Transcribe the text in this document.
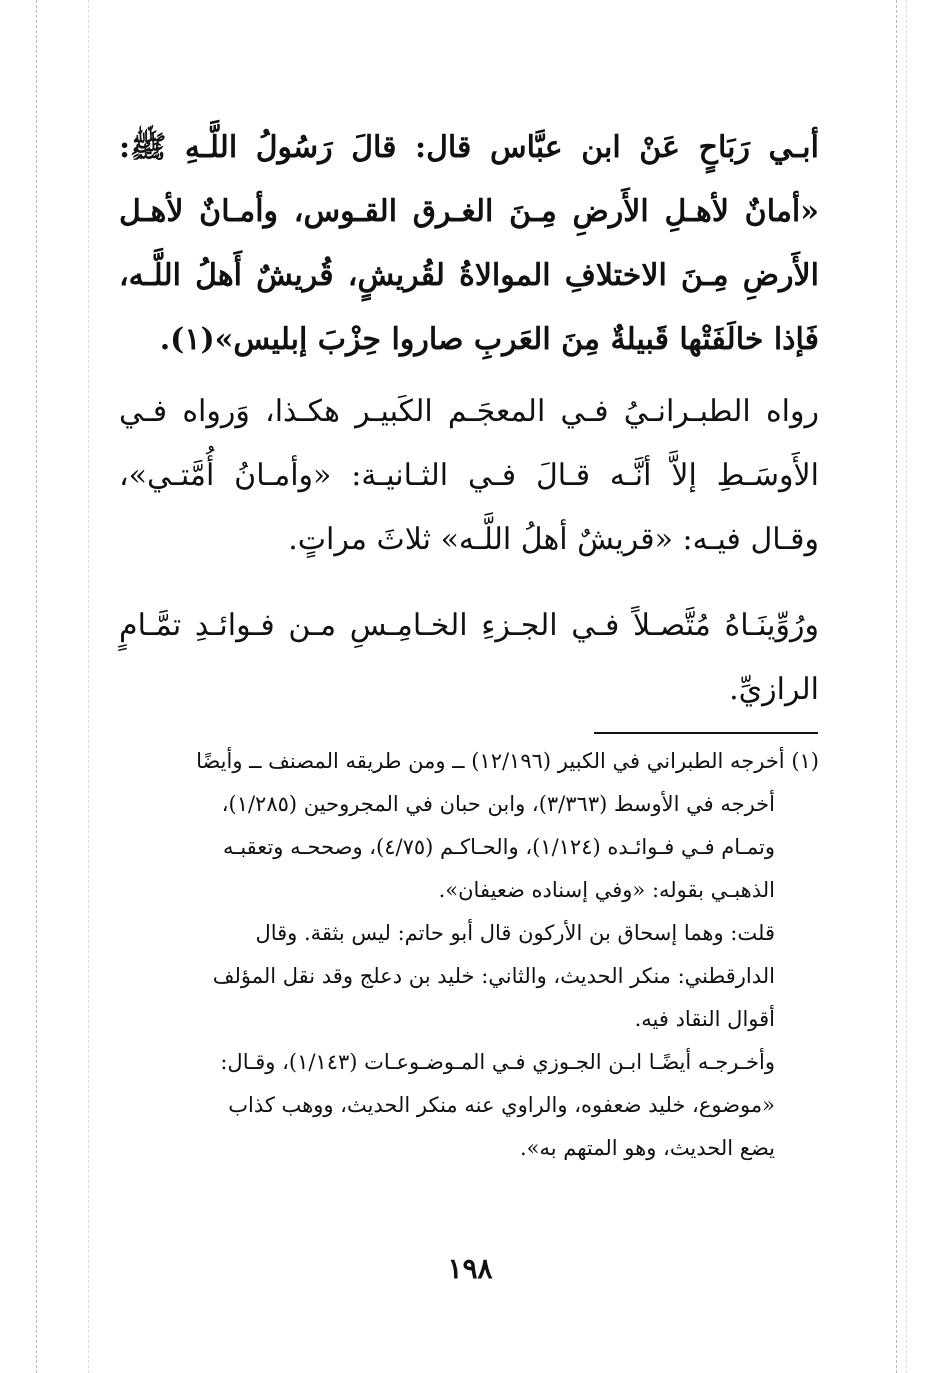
أبـي رَبَاحٍ عَنْ ابن عبَّاس قال: قالَ رَسُولُ اللَّـهِ ﷺ: «أمانٌ لأهـلِ الأَرضِ مِـنَ الغـرق القـوس، وأمـانٌ لأهـل الأَرضِ مِـنَ الاختلافِ الموالاةُ لقُريشٍ، قُريشٌ أَهلُ اللَّـه، فَإذا خالَفَتْها قَبيلةٌ مِنَ العَربِ صاروا حِزْبَ إبليس»(١).

رواه الطبـرانـيُ فـي المعجَـم الكَبيـر هكـذا، وَرواه فـي الأَوسَـطِ إلاَّ أنَّـه قـالَ فـي الثـانيـة: «وأمـانُ أُمَّتـي»، وقـال فيـه: «قريشٌ أهلُ اللَّـه» ثلاثَ مراتٍ.

ورُوِّينَـاهُ مُتَّصـلاً فـي الجـزءِ الخـامِـسِ مـن فـوائـدِ تمَّـامٍ الرازيِّ.

(١) أخرجه الطبراني في الكبير (١٢/١٩٦) ــ ومن طريقه المصنف ــ وأيضًا

أخرجه في الأوسط (٣/٣٦٣)، وابن حبان في المجروحين (١/٢٨٥)،

وتمـام فـي فـوائـده (١/١٢٤)، والحـاكـم (٤/٧٥)، وصححـه وتعقبـه

الذهبـي بقوله: «وفي إسناده ضعيفان».

قلت: وهما إسحاق بن الأركون قال أبو حاتم: ليس بثقة. وقال

الدارقطني: منكر الحديث، والثاني: خليد بن دعلج وقد نقل المؤلف

أقوال النقاد فيه.

وأخـرجـه أيضًـا ابـن الجـوزي فـي المـوضـوعـات (١/١٤٣)، وقـال:

«موضوع، خليد ضعفوه، والراوي عنه منكر الحديث، ووهب كذاب

يضع الحديث، وهو المتهم به».

١٩٨
